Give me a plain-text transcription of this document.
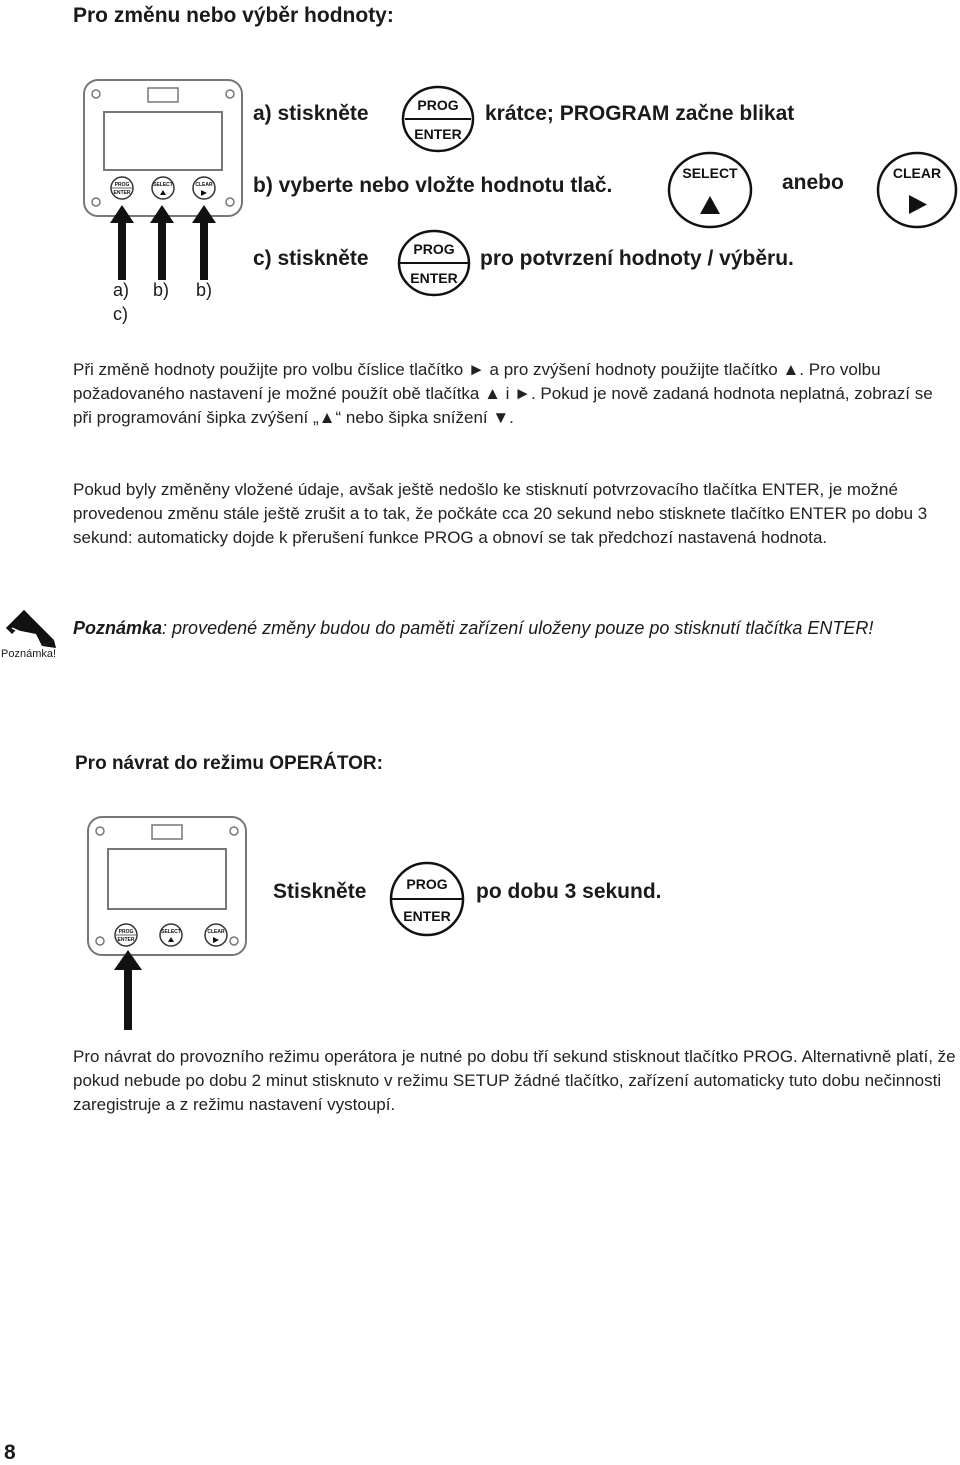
Pro změnu nebo výběr hodnoty:
PROG
ENTER
SELECT	CLEAR
a) b) b)
c)
a) stiskněte	PROG
ENTER
krátce; PROGRAM začne blikat
b) vyberte nebo vložte hodnotu tlač.
SELECT anebo	CLEAR
c) stiskněte	PROG
ENTER
pro potvrzení hodnoty / výběru.
Při změně hodnoty použijte pro volbu číslice tlačítko ► a pro zvýšení hodnoty použijte tlačítko ▲. Pro volbu požadovaného nastavení je možné použít obě tlačítka ▲ i ►. Pokud je nově zadaná hodnota neplatná, zobrazí se při programování šipka zvýšení „▲“ nebo šipka snížení ▼.
Pokud byly změněny vložené údaje, avšak ještě nedošlo ke stisknutí potvrzovacího tlačítka ENTER, je možné provedenou změnu stále ještě zrušit a to tak, že počkáte cca 20 sekund nebo stisknete tlačítko ENTER po dobu 3 sekund: automaticky dojde k přerušení funkce PROG a obnoví se tak předchozí nastavená hodnota.
Poznámka!
Poznámka: provedené změny budou do paměti zařízení uloženy pouze po stisknutí tlačítka ENTER!
Pro návrat do režimu OPERÁTOR:
PROG
ENTER
SELECT	CLEAR
Stiskněte	PROG
ENTER
po dobu 3 sekund.
Pro návrat do provozního režimu operátora je nutné po dobu tří sekund stisknout tlačítko PROG. Alternativně platí, že pokud nebude po dobu 2 minut stisknuto v režimu SETUP žádné tlačítko, zařízení automaticky tuto dobu nečinnosti zaregistruje a z režimu nastavení vystoupí.
8
